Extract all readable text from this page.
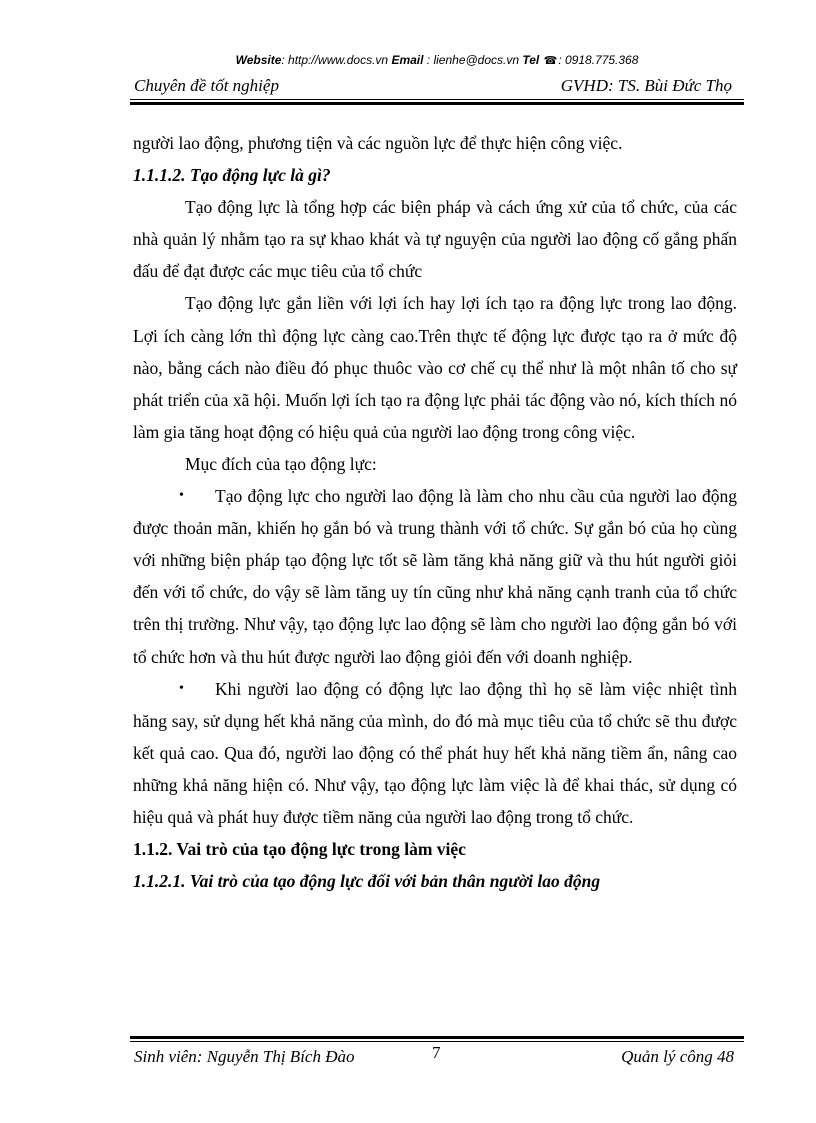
Website: http://www.docs.vn Email : lienhe@docs.vn Tel ☎: 0918.775.368
Chuyên đề tốt nghiệp	GVHD: TS. Bùi Đức Thọ

người lao động, phương tiện và các nguồn lực để thực hiện công việc.

1.1.1.2. Tạo động lực là gì?

Tạo động lực là tổng hợp các biện pháp và cách ứng xử của tổ chức, của các nhà quản lý nhằm tạo ra sự khao khát và tự nguyện của người lao động cố gắng phấn đấu để đạt được các mục tiêu của tổ chức

Tạo động lực gắn liền với lợi ích hay lợi ích tạo ra động lực trong lao động. Lợi ích càng lớn thì động lực càng cao.Trên thực tế động lực được tạo ra ở mức độ nào, bằng cách nào điều đó phục thuôc vào cơ chế cụ thể như là một nhân tố cho sự phát triển của xã hội. Muốn lợi ích tạo ra động lực phải tác động vào nó, kích thích nó làm gia tăng hoạt động có hiệu quả của người lao động trong công việc.

Mục đích của tạo động lực:

• Tạo động lực cho người lao động là làm cho nhu cầu của người lao động được thoản mãn, khiến họ gắn bó và trung thành với tổ chức. Sự gắn bó của họ cùng với những biện pháp tạo động lực tốt sẽ làm tăng khả năng giữ và thu hút người giỏi đến với tổ chức, do vậy sẽ làm tăng uy tín cũng như khả năng cạnh tranh của tổ chức trên thị trường. Như vậy, tạo động lực lao động sẽ làm cho người lao động gắn bó với tổ chức hơn và thu hút được người lao động giỏi đến với doanh nghiệp.

• Khi người lao động có động lực lao động thì họ sẽ làm việc nhiệt tình hăng say, sử dụng hết khả năng của mình, do đó mà mục tiêu của tổ chức sẽ thu được kết quả cao. Qua đó, người lao động có thể phát huy hết khả năng tiềm ẩn, nâng cao những khả năng hiện có. Như vậy, tạo động lực làm việc là để khai thác, sử dụng có hiệu quả và phát huy được tiềm năng của người lao động trong tổ chức.

1.1.2. Vai trò của tạo động lực trong làm việc

1.1.2.1. Vai trò của tạo động lực đối với bản thân người lao động

Sinh viên: Nguyễn Thị Bích Đào	7	Quản lý công 48
